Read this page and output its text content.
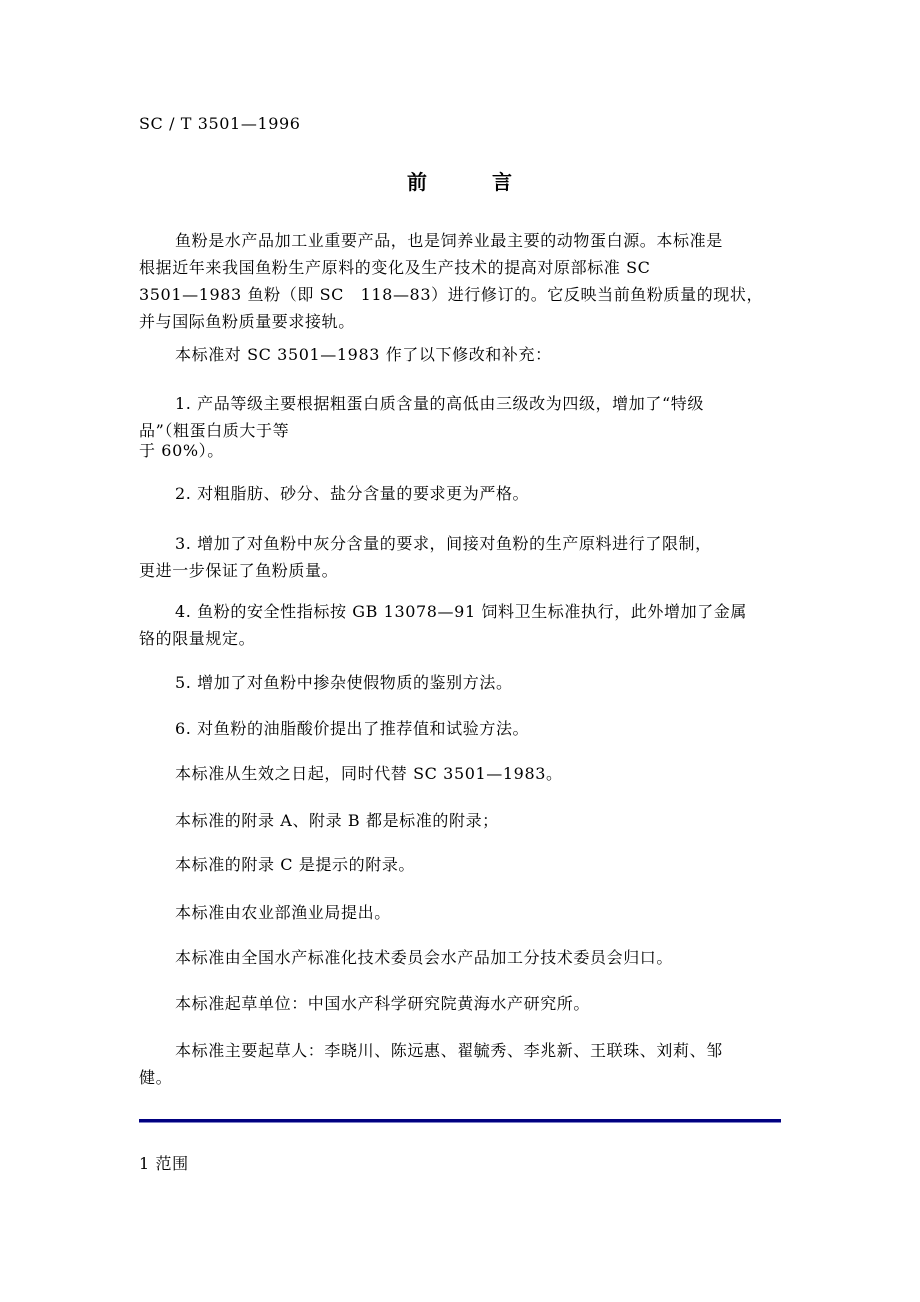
SC / T 3501—1996
前	言
鱼粉是水产品加工业重要产品，也是饲养业最主要的动物蛋白源。本标准是
根据近年来我国鱼粉生产原料的变化及生产技术的提高对原部标准 SC
3501—1983 鱼粉（即 SC　118—83）进行修订的。它反映当前鱼粉质量的现状，
并与国际鱼粉质量要求接轨。
本标准对 SC 3501—1983 作了以下修改和补充：
1. 产品等级主要根据粗蛋白质含量的高低由三级改为四级，增加了“特级
品”（粗蛋白质大于等
于 60%）。
2. 对粗脂肪、砂分、盐分含量的要求更为严格。
3. 增加了对鱼粉中灰分含量的要求，间接对鱼粉的生产原料进行了限制，
更进一步保证了鱼粉质量。
4. 鱼粉的安全性指标按 GB 13078—91 饲料卫生标准执行，此外增加了金属
铬的限量规定。
5. 增加了对鱼粉中掺杂使假物质的鉴别方法。
6. 对鱼粉的油脂酸价提出了推荐值和试验方法。
本标准从生效之日起，同时代替 SC 3501—1983。
本标准的附录 A、附录 B 都是标准的附录；
本标准的附录 C 是提示的附录。
本标准由农业部渔业局提出。
本标准由全国水产标准化技术委员会水产品加工分技术委员会归口。
本标准起草单位：中国水产科学研究院黄海水产研究所。
本标准主要起草人：李晓川、陈远惠、翟毓秀、李兆新、王联珠、刘莉、邹
健。
1 范围
